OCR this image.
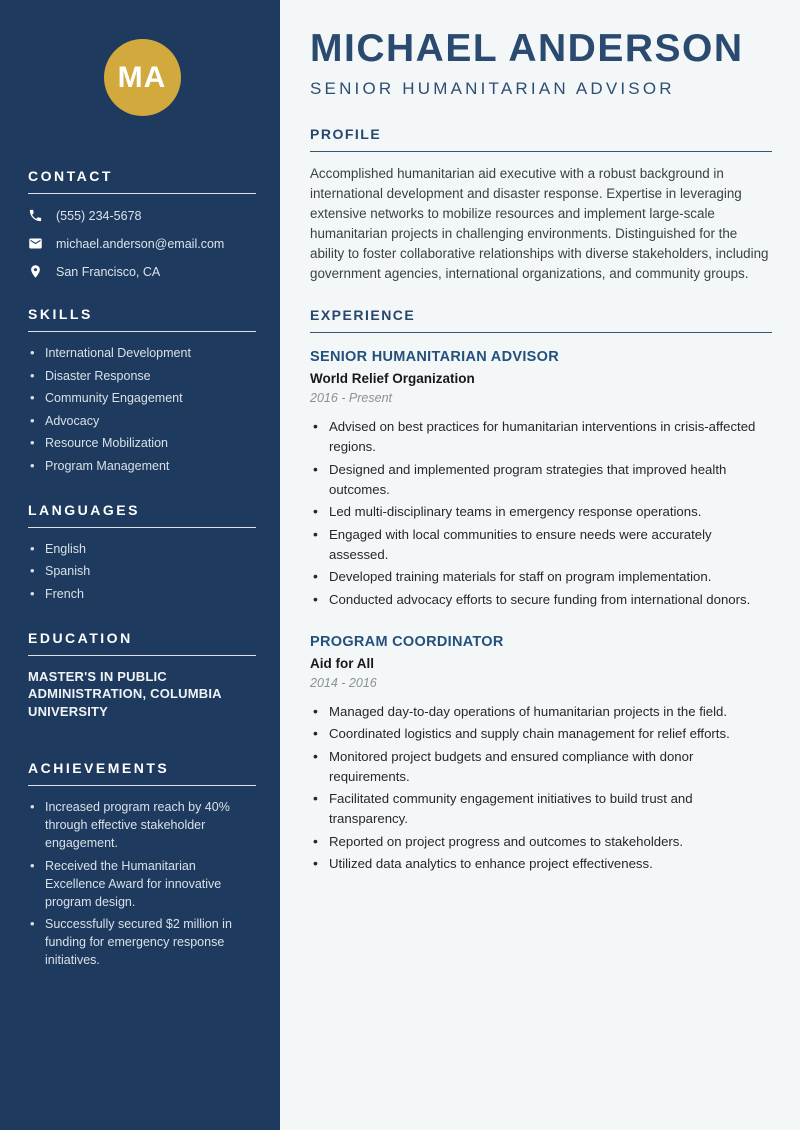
MA
CONTACT
(555) 234-5678
michael.anderson@email.com
San Francisco, CA
SKILLS
• International Development
• Disaster Response
• Community Engagement
• Advocacy
• Resource Mobilization
• Program Management
LANGUAGES
• English
• Spanish
• French
EDUCATION
MASTER'S IN PUBLIC ADMINISTRATION, COLUMBIA UNIVERSITY
ACHIEVEMENTS
• Increased program reach by 40% through effective stakeholder engagement.
• Received the Humanitarian Excellence Award for innovative program design.
• Successfully secured $2 million in funding for emergency response initiatives.
MICHAEL ANDERSON
SENIOR HUMANITARIAN ADVISOR
PROFILE

Accomplished humanitarian aid executive with a robust background in international development and disaster response. Expertise in leveraging extensive networks to mobilize resources and implement large-scale humanitarian projects in challenging environments. Distinguished for the ability to foster collaborative relationships with diverse stakeholders, including government agencies, international organizations, and community groups.

EXPERIENCE
SENIOR HUMANITARIAN ADVISOR
World Relief Organization
2016 - Present
• Advised on best practices for humanitarian interventions in crisis-affected regions.
• Designed and implemented program strategies that improved health outcomes.
• Led multi-disciplinary teams in emergency response operations.
• Engaged with local communities to ensure needs were accurately assessed.
• Developed training materials for staff on program implementation.
• Conducted advocacy efforts to secure funding from international donors.
PROGRAM COORDINATOR
Aid for All
2014 - 2016
• Managed day-to-day operations of humanitarian projects in the field.
• Coordinated logistics and supply chain management for relief efforts.
• Monitored project budgets and ensured compliance with donor requirements.
• Facilitated community engagement initiatives to build trust and transparency.
• Reported on project progress and outcomes to stakeholders.
• Utilized data analytics to enhance project effectiveness.
